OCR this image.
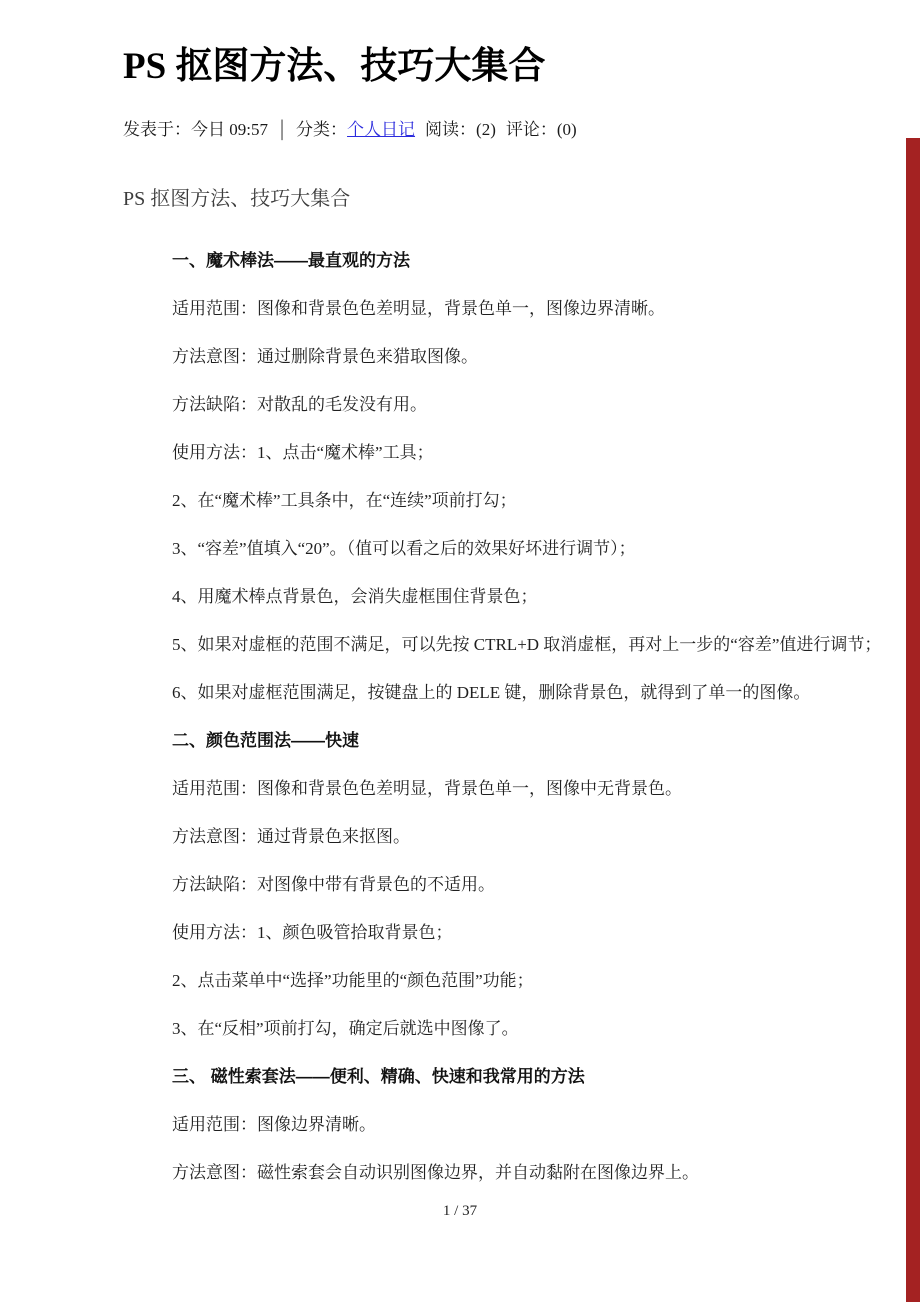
PS 抠图方法、技巧大集合
发表于：今日 09:57 │ 分类：个人日记 阅读：(2) 评论：(0)
PS 抠图方法、技巧大集合

一、魔术棒法——最直观的方法

适用范围：图像和背景色色差明显，背景色单一，图像边界清晰。

方法意图：通过删除背景色来猎取图像。

方法缺陷：对散乱的毛发没有用。

使用方法：1、点击“魔术棒”工具；

2、在“魔术棒”工具条中，在“连续”项前打勾；

3、“容差”值填入“20”。（值可以看之后的效果好坏进行调节）；

4、用魔术棒点背景色，会消失虚框围住背景色；

5、如果对虚框的范围不满足，可以先按 CTRL+D 取消虚框，再对上一步的“容差”值进行调节；

6、如果对虚框范围满足，按键盘上的 DELE 键，删除背景色，就得到了单一的图像。

二、颜色范围法——快速

适用范围：图像和背景色色差明显，背景色单一，图像中无背景色。

方法意图：通过背景色来抠图。

方法缺陷：对图像中带有背景色的不适用。

使用方法：1、颜色吸管拾取背景色；

2、点击菜单中“选择”功能里的“颜色范围”功能；

3、在“反相”项前打勾，确定后就选中图像了。

三、 磁性索套法——便利、精确、快速和我常用的方法

适用范围：图像边界清晰。

方法意图：磁性索套会自动识别图像边界，并自动黏附在图像边界上。

1 / 37
